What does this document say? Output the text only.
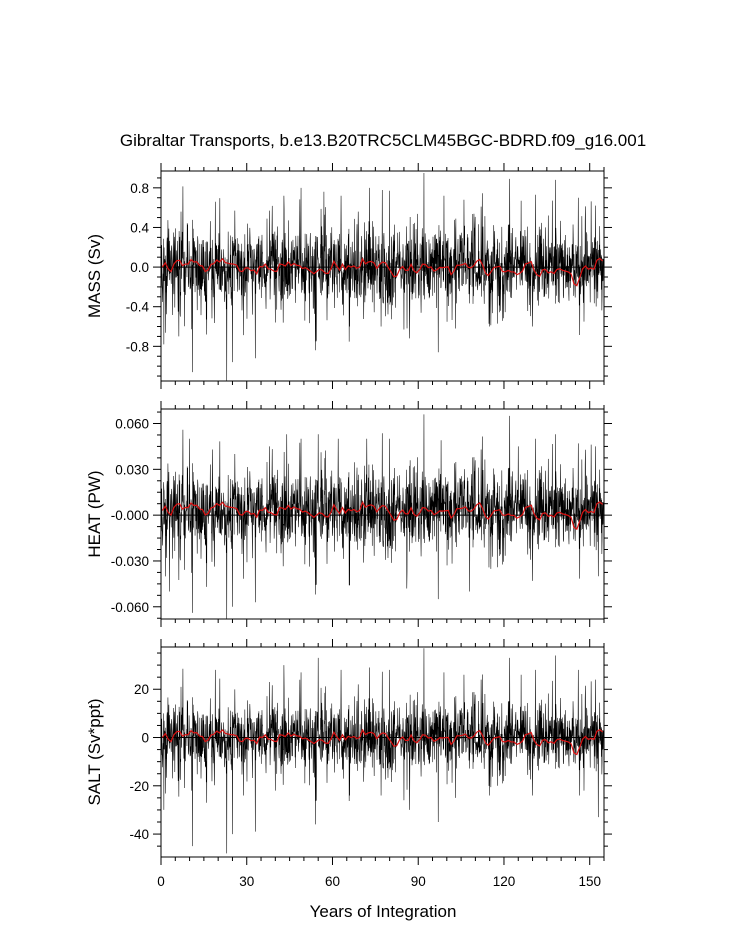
Gibraltar Transports, b.e13.B20TRC5CLM45BGC-BDRD.f09_g16.001
Years of Integration
0.8
0.4
0.0
-0.4
-0.8
MASS (Sv)
0.060
0.030
-0.000
-0.030
-0.060
HEAT (PW)
20
0
-20
-40
0	30	60	90	120	150
SALT (Sv*ppt)
